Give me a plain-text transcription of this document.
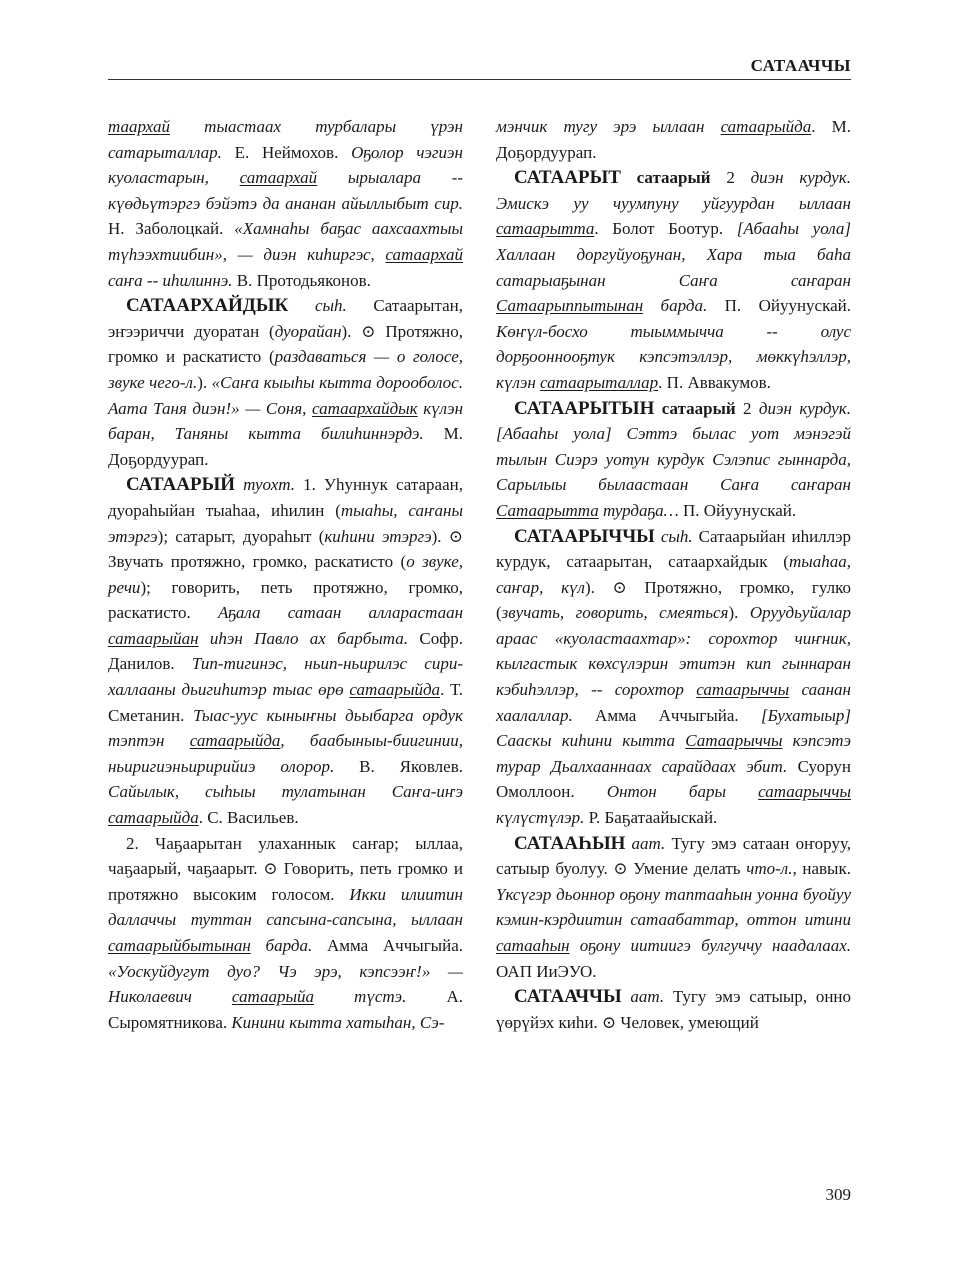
САТААЧЧЫ

таархай тыастаах турбалары үрэн сатарыталлар. Е. Неймохов. Оҕолор чэгиэн куоластарын, сатаархай ырыалара -- күөдьүтэргэ бэйэтэ да ананан айыллыбыт сир. Н. Заболоцкай. «Хамнаһы баҕас аахсаахтыы түһээхтиибин», — диэн киһиргэс, сатаархай саҥа -- иһилиннэ. В. Протодьяконов.

САТААРХАЙДЫК сыһ. Сатаарытан, эҥээриччи дуоратан (дуорайан). ⊙ Протяжно, громко и раскатисто (раздаваться — о голосе, звуке чего-л.). «Саҥа кыыһы кытта дорооболос. Аата Таня диэн!» — Соня, сатаархайдык күлэн баран, Таняны кытта билиһиннэрдэ. М. Доҕордуурап.

САТААРЫЙ туохт. 1. Уһуннук сатараан, дуораһыйан тыаһаа, иһилин (тыаһы, саҥаны этэргэ); сатарыт, дуораһыт (киһини этэргэ). ⊙ Звучать протяжно, громко, раскатисто (о звуке, речи); говорить, петь протяжно, громко, раскатисто. Аҕала сатаан алларастаан сатаарыйан иһэн Павло ах барбыта. Софр. Данилов. Тип-тигинэс, ньип-ньирилэс сири-халлааны дьигиһитэр тыас өрө сатаарыйда. Т. Сметанин. Тыас-уус кыныҥны дьыбарга ордук тэптэн сатаарыйда, баабыныы-биигинии, ньиригиэньиририйиэ олорор. В. Яковлев. Сайылык, сыһыы тулатынан Саҥа-иҥэ сатаарыйда. С. Васильев.

2. Чаҕаарытан улаханнык саҥар; ыллаа, чаҕаарый, чаҕаарыт. ⊙ Говорить, петь громко и протяжно высоким голосом. Икки илиитин даллаччы туттан сапсына-сапсына, ыллаан сатаарыйбытынан барда. Амма Аччыгыйа. «Уоскуйдугут дуо? Чэ эрэ, кэпсээҥ!» — Николаевич сатаарыйа түстэ. А. Сыромятникова. Кинини кытта хатыһан, Сэ-

мэнчик тугу эрэ ыллаан сатаарыйда. М. Доҕордуурап.

САТААРЫТ сатаарый 2 диэн курдук. Эмискэ уу чуумпуну уйгуурдан ыллаан сатаарытта. Болот Боотур. [Абааһы уола] Халлаан доргуйуоҕунан, Хара тыа баһа сатарыаҕынан Саҥа саҥаран Сатаарыппытынан барда. П. Ойуунускай. Көҥүл-босхо тыыммычча -- олус дорҕооннооҕтук кэпсэтэллэр, мөккүһэллэр, күлэн сатаарыталлар. П. Аввакумов.

САТААРЫТЫН сатаарый 2 диэн курдук. [Абааһы уола] Сэттэ былас уот мэнэгэй тылын Сиэрэ уотун курдук Сэлэпис гыннарда, Сарылыы былаастаан Саҥа саҥаран Сатаарытта турдаҕа… П. Ойуунускай.

САТААРЫЧЧЫ сыһ. Сатаарыйан иһиллэр курдук, сатаарытан, сатаархайдык (тыаһаа, саҥар, күл). ⊙ Протяжно, громко, гулко (звучать, говорить, смеяться). Оруудьуйалар араас «куоластаахтар»: сорохтор чиҥник, кылгастык көхсүлэрин этитэн кип гыннаран кэбиһэллэр, -- сорохтор сатаарыччы саанан хаалаллар. Амма Аччыгыйа. [Бухатыыр] Сааскы киһини кытта Сатаарыччы кэпсэтэ турар Дьалхааннаах сарайдаах эбит. Суорун Омоллоон. Онтон бары сатаарыччы күлүстүлэр. Р. Баҕатаайыскай.

САТААҺЫН аат. Тугу эмэ сатаан оҥоруу, сатыыр буолуу. ⊙ Умение делать что-л., навык. Үксүгэр дьоннор оҕону таптааһын уонна буойуу кэмин-кэрдиитин сатаабаттар, оттон итини сатааһын оҕону иитиигэ булгуччу наадалаах. ОАП ИиЭУО.

САТААЧЧЫ аат. Тугу эмэ сатыыр, онно үөрүйэх киһи. ⊙ Человек, умеющий

309
